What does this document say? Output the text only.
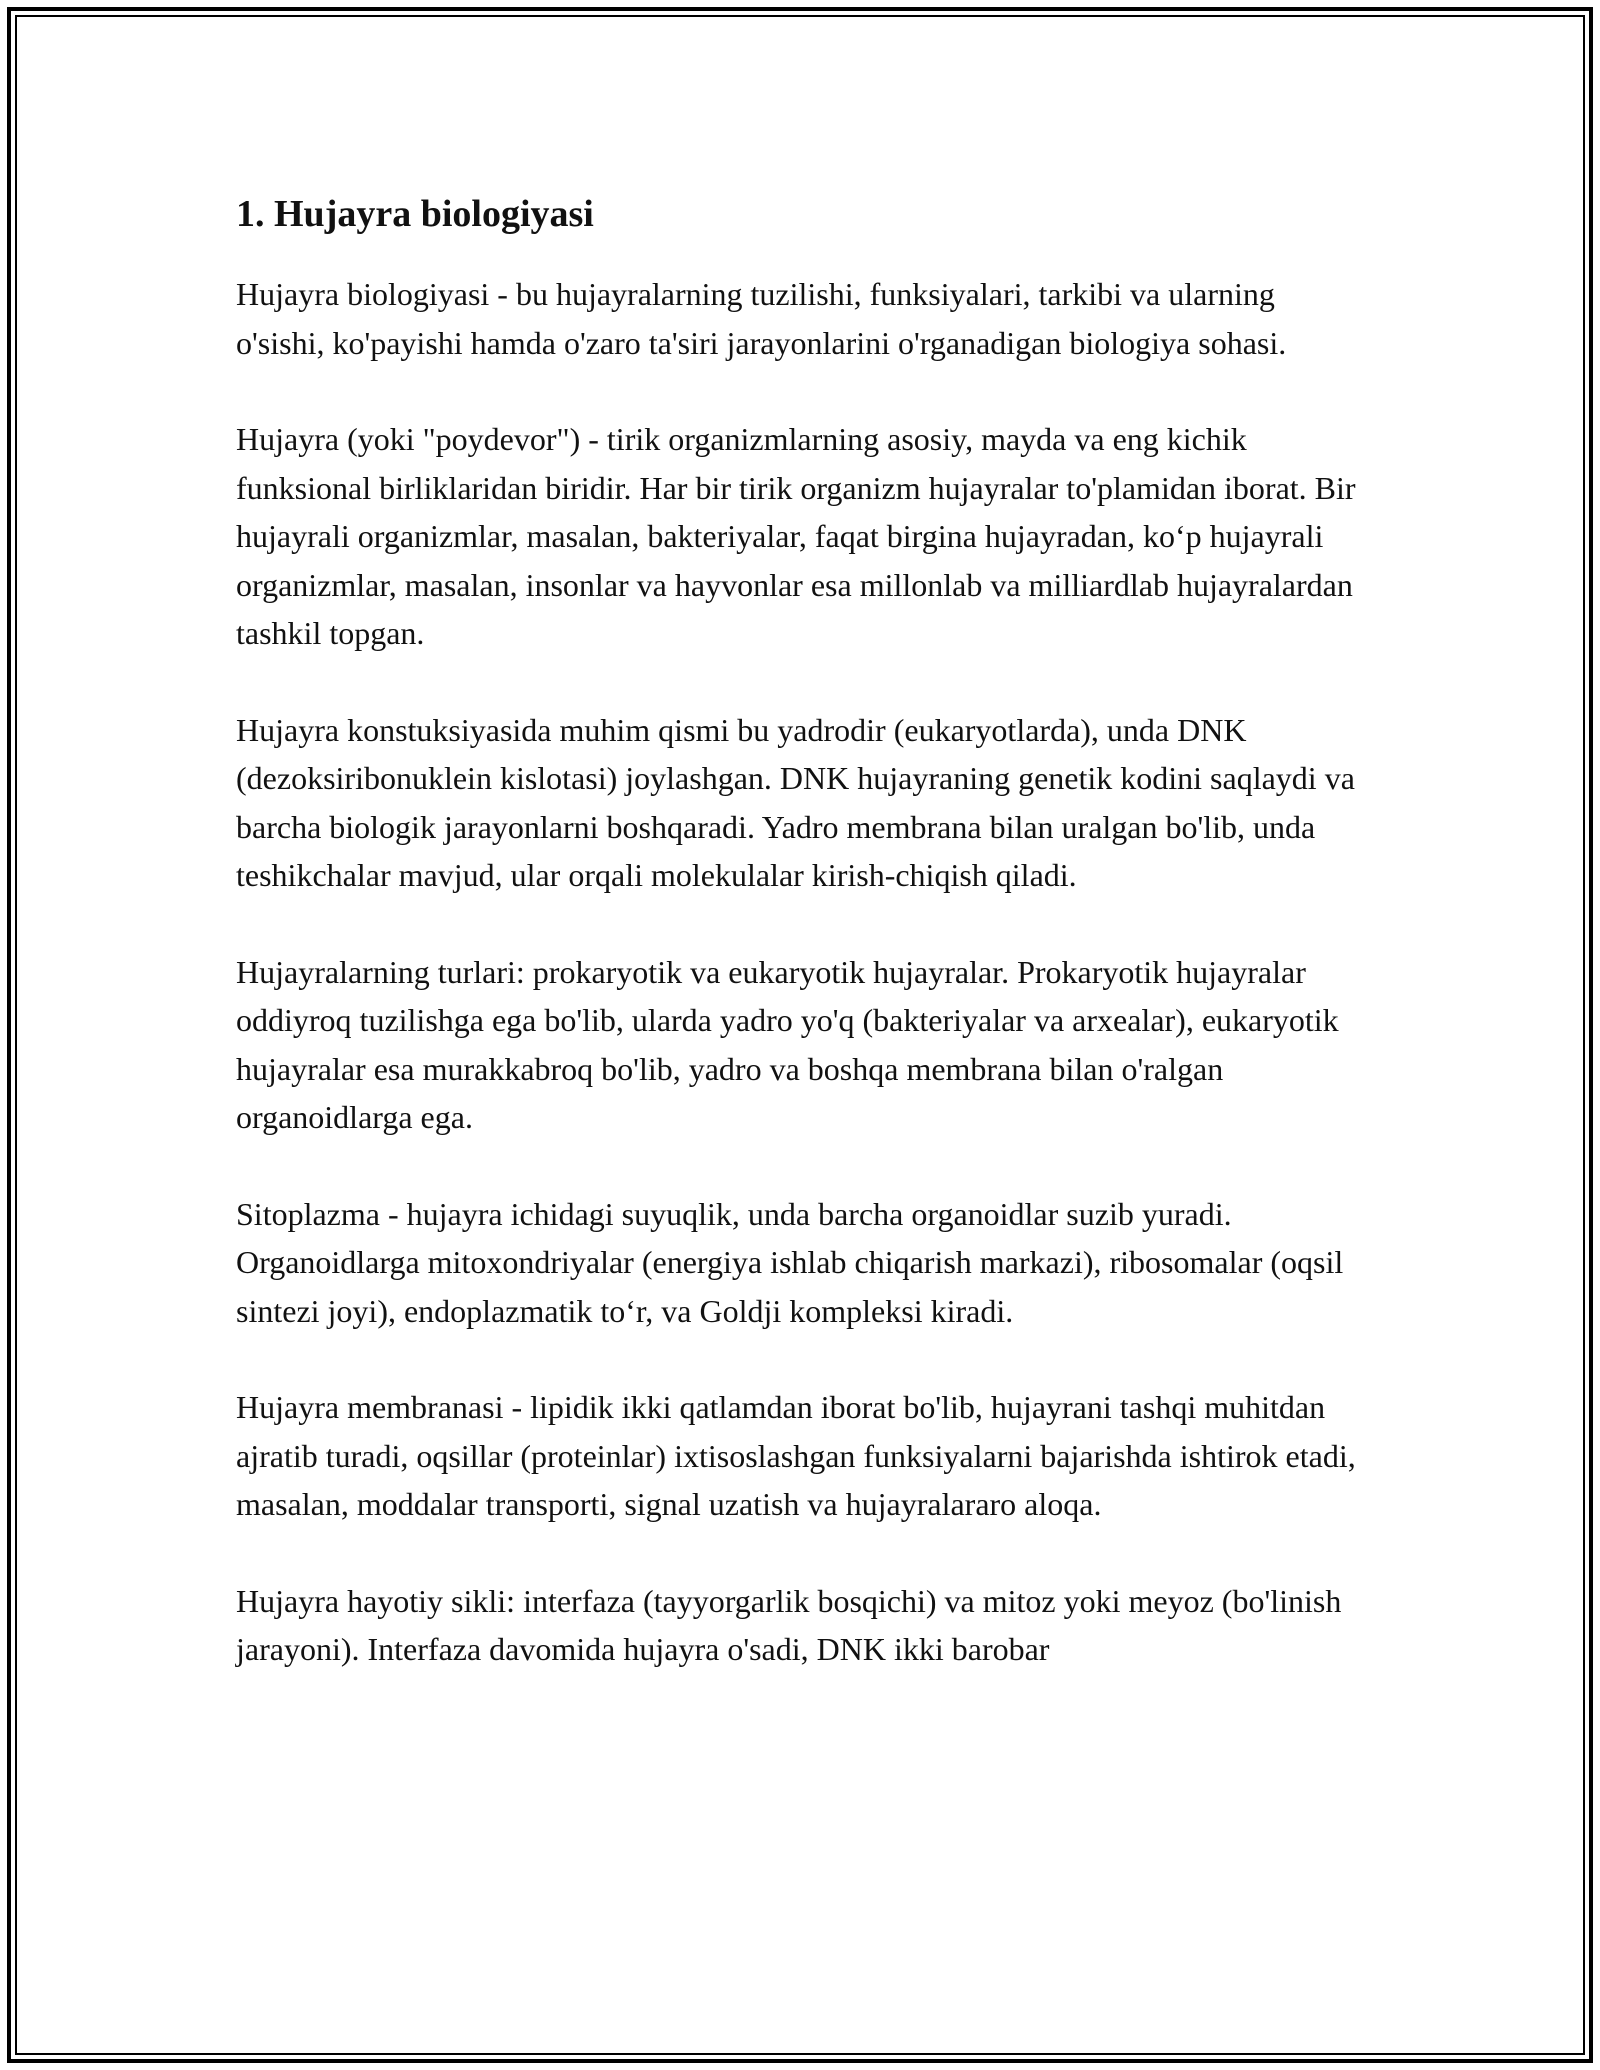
1. Hujayra biologiyasi

Hujayra biologiyasi - bu hujayralarning tuzilishi, funksiyalari, tarkibi va ularning o'sishi, ko'payishi hamda o'zaro ta'siri jarayonlarini o'rganadigan biologiya sohasi.

Hujayra (yoki "poydevor") - tirik organizmlarning asosiy, mayda va eng kichik funksional birliklaridan biridir. Har bir tirik organizm hujayralar to'plamidan iborat. Bir hujayrali organizmlar, masalan, bakteriyalar, faqat birgina hujayradan, ko‘p hujayrali organizmlar, masalan, insonlar va hayvonlar esa millonlab va milliardlab hujayralardan tashkil topgan.

Hujayra konstuksiyasida muhim qismi bu yadrodir (eukaryotlarda), unda DNK (dezoksiribonuklein kislotasi) joylashgan. DNK hujayraning genetik kodini saqlaydi va barcha biologik jarayonlarni boshqaradi. Yadro membrana bilan uralgan bo'lib, unda teshikchalar mavjud, ular orqali molekulalar kirish-chiqish qiladi.

Hujayralarning turlari: prokaryotik va eukaryotik hujayralar. Prokaryotik hujayralar oddiyroq tuzilishga ega bo'lib, ularda yadro yo'q (bakteriyalar va arxealar), eukaryotik hujayralar esa murakkabroq bo'lib, yadro va boshqa membrana bilan o'ralgan organoidlarga ega.

Sitoplazma - hujayra ichidagi suyuqlik, unda barcha organoidlar suzib yuradi. Organoidlarga mitoxondriyalar (energiya ishlab chiqarish markazi), ribosomalar (oqsil sintezi joyi), endoplazmatik to‘r, va Goldji kompleksi kiradi.

Hujayra membranasi - lipidik ikki qatlamdan iborat bo'lib, hujayrani tashqi muhitdan ajratib turadi, oqsillar (proteinlar) ixtisoslashgan funksiyalarni bajarishda ishtirok etadi, masalan, moddalar transporti, signal uzatish va hujayralararo aloqa.

Hujayra hayotiy sikli: interfaza (tayyorgarlik bosqichi) va mitoz yoki meyoz (bo'linish jarayoni). Interfaza davomida hujayra o'sadi, DNK ikki barobar
